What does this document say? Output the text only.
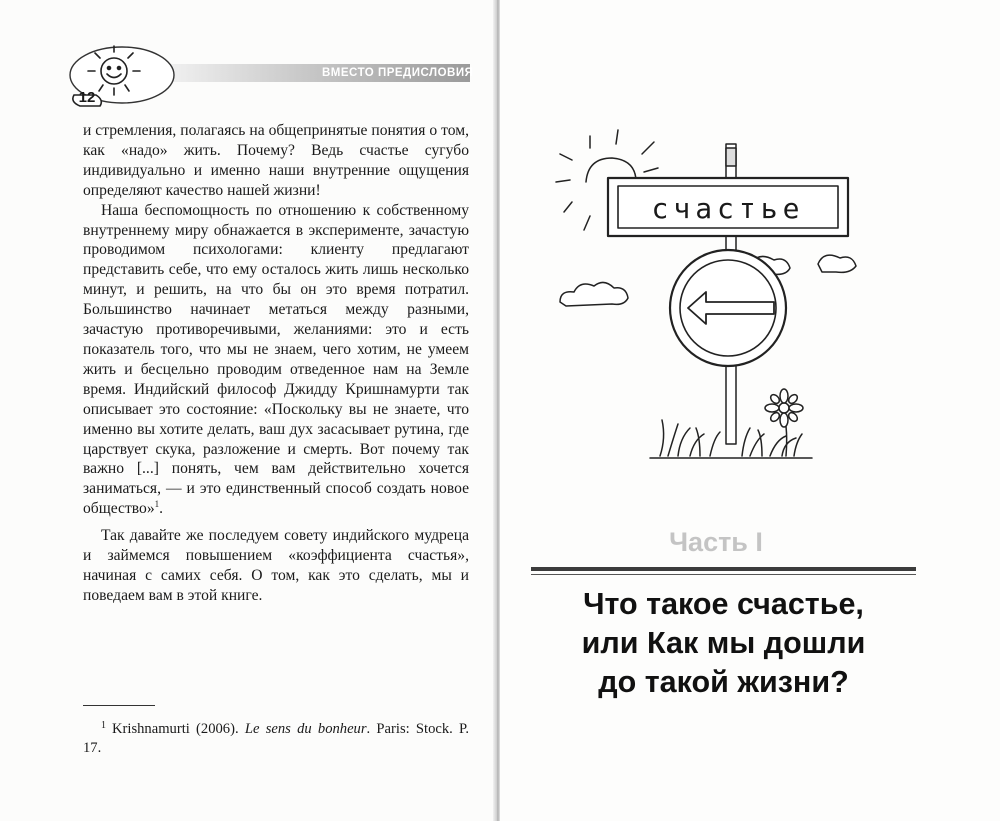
ВМЕСТО ПРЕДИСЛОВИЯ
12

и стремления, полагаясь на общепринятые понятия о том, как «надо» жить. Почему? Ведь счастье сугубо индивидуально и именно наши внутренние ощущения определяют качество нашей жизни!

Наша беспомощность по отношению к собственному внутреннему миру обнажается в эксперименте, зачастую проводимом психологами: клиенту предлагают представить себе, что ему осталось жить лишь несколько минут, и решить, на что бы он это время потратил. Большинство начинает метаться между разными, зачастую противоречивыми, желаниями: это и есть показатель того, что мы не знаем, чего хотим, не умеем жить и бесцельно проводим отведенное нам на Земле время. Индийский философ Джидду Кришнамурти так описывает это состояние: «Поскольку вы не знаете, что именно вы хотите делать, ваш дух засасывает рутина, где царствует скука, разложение и смерть. Вот почему так важно [...] понять, чем вам действительно хочется заниматься, — и это единственный способ создать новое общество»$^1$.

Так давайте же последуем совету индийского мудреца и займемся повышением «коэффициента счастья», начиная с самих себя. О том, как это сделать, мы и поведаем вам в этой книге.

$^1$ Krishnamurti (2006). Le sens du bonheur. Paris: Stock. Р. 17.
счастье
Часть I
Что такое счастье,
или Как мы дошли
до такой жизни?
